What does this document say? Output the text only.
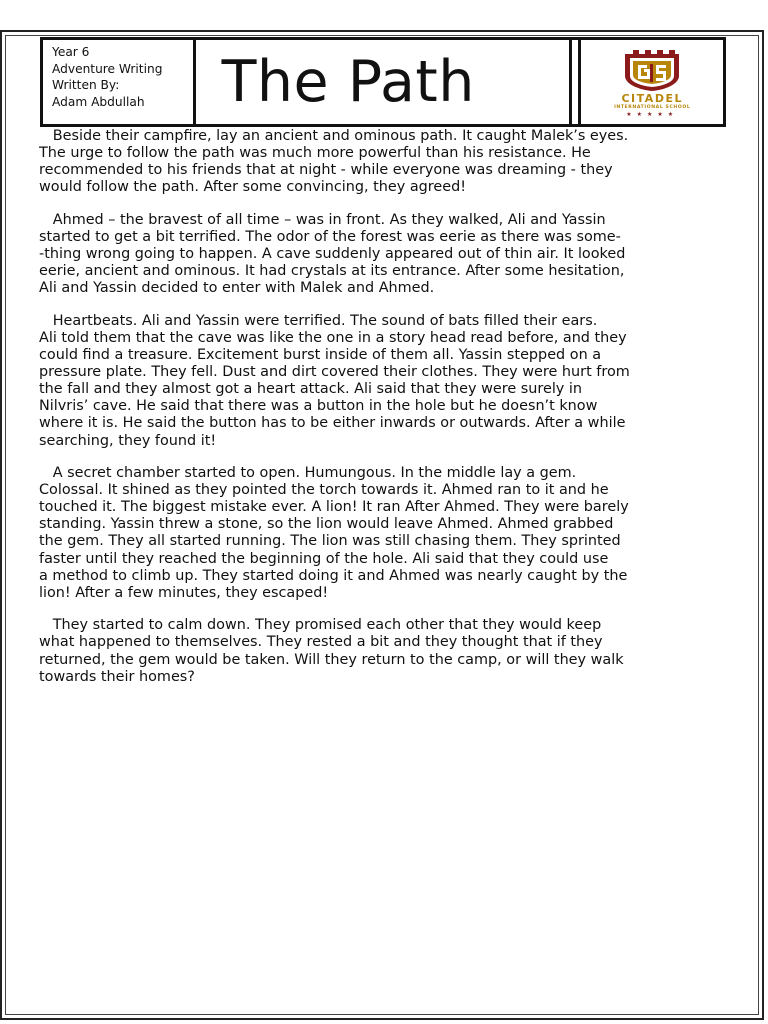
Year 6
Adventure Writing
Written By:
Adam Abdullah	The Path	CITADEL
INTERNATIONAL SCHOOL
★★★★★

Beside their campfire, lay an ancient and ominous path. It caught Malek’s eyes.
The urge to follow the path was much more powerful than his resistance. He
recommended to his friends that at night - while everyone was dreaming - they
would follow the path. After some convincing, they agreed!

Ahmed – the bravest of all time – was in front. As they walked, Ali and Yassin
started to get a bit terrified. The odor of the forest was eerie as there was some-
-thing wrong going to happen. A cave suddenly appeared out of thin air. It looked
eerie, ancient and ominous. It had crystals at its entrance. After some hesitation,
Ali and Yassin decided to enter with Malek and Ahmed.

Heartbeats. Ali and Yassin were terrified. The sound of bats filled their ears.
Ali told them that the cave was like the one in a story head read before, and they
could find a treasure. Excitement burst inside of them all. Yassin stepped on a
pressure plate. They fell. Dust and dirt covered their clothes. They were hurt from
the fall and they almost got a heart attack. Ali said that they were surely in
Nilvris’ cave. He said that there was a button in the hole but he doesn’t know
where it is. He said the button has to be either inwards or outwards. After a while
searching, they found it!

A secret chamber started to open. Humungous. In the middle lay a gem.
Colossal. It shined as they pointed the torch towards it. Ahmed ran to it and he
touched it. The biggest mistake ever. A lion! It ran After Ahmed. They were barely
standing. Yassin threw a stone, so the lion would leave Ahmed. Ahmed grabbed
the gem. They all started running. The lion was still chasing them. They sprinted
faster until they reached the beginning of the hole. Ali said that they could use
a method to climb up. They started doing it and Ahmed was nearly caught by the
lion! After a few minutes, they escaped!

They started to calm down. They promised each other that they would keep
what happened to themselves. They rested a bit and they thought that if they
returned, the gem would be taken. Will they return to the camp, or will they walk
towards their homes?
